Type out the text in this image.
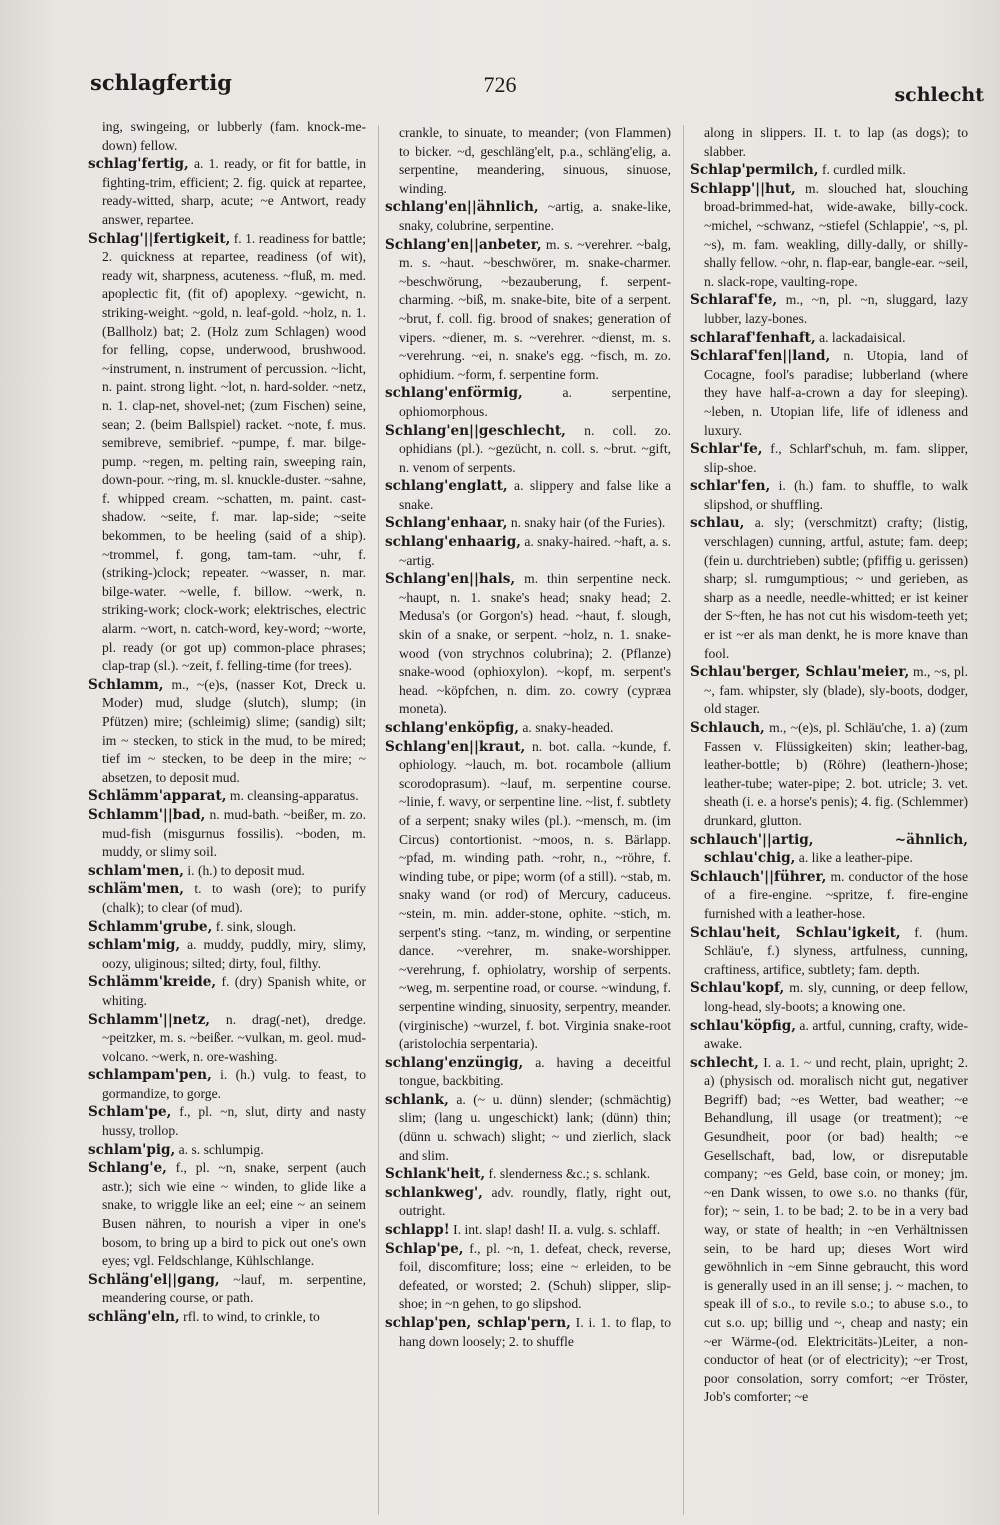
schlagfertig	726	schlecht

ing, swingeing, or lubberly (fam. knock-me-down) fellow.

schlag'fertig, a. 1. ready, or fit for battle, in fighting-trim, efficient; 2. fig. quick at repartee, ready-witted, sharp, acute; ~e Antwort, ready answer, repartee.

Schlag'||fertigkeit, f. 1. readiness for battle; 2. quickness at repartee, readiness (of wit), ready wit, sharpness, acuteness. ~fluß, m. med. apoplectic fit, (fit of) apoplexy. ~gewicht, n. striking-weight. ~gold, n. leaf-gold. ~holz, n. 1. (Ballholz) bat; 2. (Holz zum Schlagen) wood for felling, copse, underwood, brushwood. ~instrument, n. instrument of percussion. ~licht, n. paint. strong light. ~lot, n. hard-solder. ~netz, n. 1. clap-net, shovel-net; (zum Fischen) seine, sean; 2. (beim Ballspiel) racket. ~note, f. mus. semibreve, semibrief. ~pumpe, f. mar. bilge-pump. ~regen, m. pelting rain, sweeping rain, down-pour. ~ring, m. sl. knuckle-duster. ~sahne, f. whipped cream. ~schatten, m. paint. cast-shadow. ~seite, f. mar. lap-side; ~seite bekommen, to be heeling (said of a ship). ~trommel, f. gong, tam-tam. ~uhr, f. (striking-)clock; repeater. ~wasser, n. mar. bilge-water. ~welle, f. billow. ~werk, n. striking-work; clock-work; elektrisches, electric alarm. ~wort, n. catch-word, key-word; ~worte, pl. ready (or got up) common-place phrases; clap-trap (sl.). ~zeit, f. felling-time (for trees).

Schlamm, m., ~(e)s, (nasser Kot, Dreck u. Moder) mud, sludge (slutch), slump; (in Pfützen) mire; (schleimig) slime; (sandig) silt; im ~ stecken, to stick in the mud, to be mired; tief im ~ stecken, to be deep in the mire; ~ absetzen, to deposit mud.

Schlämm'apparat, m. cleansing-apparatus.

Schlamm'||bad, n. mud-bath. ~beißer, m. zo. mud-fish (misgurnus fossilis). ~boden, m. muddy, or slimy soil.

schlam'men, i. (h.) to deposit mud.

schläm'men, t. to wash (ore); to purify (chalk); to clear (of mud).

Schlamm'grube, f. sink, slough.

schlam'mig, a. muddy, puddly, miry, slimy, oozy, uliginous; silted; dirty, foul, filthy.

Schlämm'kreide, f. (dry) Spanish white, or whiting.

Schlamm'||netz, n. drag(-net), dredge. ~peitzker, m. s. ~beißer. ~vulkan, m. geol. mud-volcano. ~werk, n. ore-washing.

schlampam'pen, i. (h.) vulg. to feast, to gormandize, to gorge.

Schlam'pe, f., pl. ~n, slut, dirty and nasty hussy, trollop.

schlam'pig, a. s. schlumpig.

Schlang'e, f., pl. ~n, snake, serpent (auch astr.); sich wie eine ~ winden, to glide like a snake, to wriggle like an eel; eine ~ an seinem Busen nähren, to nourish a viper in one's bosom, to bring up a bird to pick out one's own eyes; vgl. Feldschlange, Kühlschlange.

Schläng'el||gang, ~lauf, m. serpentine, meandering course, or path.

schläng'eln, rfl. to wind, to crinkle, to

crankle, to sinuate, to meander; (von Flammen) to bicker. ~d, geschläng'elt, p.a., schläng'elig, a. serpentine, meandering, sinuous, sinuose, winding.

schlang'en||ähnlich, ~artig, a. snake-like, snaky, colubrine, serpentine.

Schlang'en||anbeter, m. s. ~verehrer. ~balg, m. s. ~haut. ~beschwörer, m. snake-charmer. ~beschwörung, ~bezauberung, f. serpent-charming. ~biß, m. snake-bite, bite of a serpent. ~brut, f. coll. fig. brood of snakes; generation of vipers. ~diener, m. s. ~verehrer. ~dienst, m. s. ~verehrung. ~ei, n. snake's egg. ~fisch, m. zo. ophidium. ~form, f. serpentine form.

schlang'enförmig, a. serpentine, ophiomorphous.

Schlang'en||geschlecht, n. coll. zo. ophidians (pl.). ~gezücht, n. coll. s. ~brut. ~gift, n. venom of serpents.

schlang'englatt, a. slippery and false like a snake.

Schlang'enhaar, n. snaky hair (of the Furies).

schlang'enhaarig, a. snaky-haired. ~haft, a. s. ~artig.

Schlang'en||hals, m. thin serpentine neck. ~haupt, n. 1. snake's head; snaky head; 2. Medusa's (or Gorgon's) head. ~haut, f. slough, skin of a snake, or serpent. ~holz, n. 1. snake-wood (von strychnos colubrina); 2. (Pflanze) snake-wood (ophioxylon). ~kopf, m. serpent's head. ~köpfchen, n. dim. zo. cowry (cypræa moneta).

schlang'enköpfig, a. snaky-headed.

Schlang'en||kraut, n. bot. calla. ~kunde, f. ophiology. ~lauch, m. bot. rocambole (allium scorodoprasum). ~lauf, m. serpentine course. ~linie, f. wavy, or serpentine line. ~list, f. subtlety of a serpent; snaky wiles (pl.). ~mensch, m. (im Circus) contortionist. ~moos, n. s. Bärlapp. ~pfad, m. winding path. ~rohr, n., ~röhre, f. winding tube, or pipe; worm (of a still). ~stab, m. snaky wand (or rod) of Mercury, caduceus. ~stein, m. min. adder-stone, ophite. ~stich, m. serpent's sting. ~tanz, m. winding, or serpentine dance. ~verehrer, m. snake-worshipper. ~verehrung, f. ophiolatry, worship of serpents. ~weg, m. serpentine road, or course. ~windung, f. serpentine winding, sinuosity, serpentry, meander. (virginische) ~wurzel, f. bot. Virginia snake-root (aristolochia serpentaria).

schlang'enzüngig, a. having a deceitful tongue, backbiting.

schlank, a. (~ u. dünn) slender; (schmächtig) slim; (lang u. ungeschickt) lank; (dünn) thin; (dünn u. schwach) slight; ~ und zierlich, slack and slim.

Schlank'heit, f. slenderness &c.; s. schlank.

schlankweg', adv. roundly, flatly, right out, outright.

schlapp! I. int. slap! dash! II. a. vulg. s. schlaff.

Schlap'pe, f., pl. ~n, 1. defeat, check, reverse, foil, discomfiture; loss; eine ~ erleiden, to be defeated, or worsted; 2. (Schuh) slipper, slip-shoe; in ~n gehen, to go slipshod.

schlap'pen, schlap'pern, I. i. 1. to flap, to hang down loosely; 2. to shuffle

along in slippers. II. t. to lap (as dogs); to slabber.

Schlap'permilch, f. curdled milk.

Schlapp'||hut, m. slouched hat, slouching broad-brimmed-hat, wide-awake, billy-cock. ~michel, ~schwanz, ~stiefel (Schlappie', ~s, pl. ~s), m. fam. weakling, dilly-dally, or shilly-shally fellow. ~ohr, n. flap-ear, bangle-ear. ~seil, n. slack-rope, vaulting-rope.

Schlaraf'fe, m., ~n, pl. ~n, sluggard, lazy lubber, lazy-bones.

schlaraf'fenhaft, a. lackadaisical.

Schlaraf'fen||land, n. Utopia, land of Cocagne, fool's paradise; lubberland (where they have half-a-crown a day for sleeping). ~leben, n. Utopian life, life of idleness and luxury.

Schlar'fe, f., Schlarf'schuh, m. fam. slipper, slip-shoe.

schlar'fen, i. (h.) fam. to shuffle, to walk slipshod, or shuffling.

schlau, a. sly; (verschmitzt) crafty; (listig, verschlagen) cunning, artful, astute; fam. deep; (fein u. durchtrieben) subtle; (pfiffig u. gerissen) sharp; sl. rumgumptious; ~ und gerieben, as sharp as a needle, needle-whitted; er ist keiner der S~ften, he has not cut his wisdom-teeth yet; er ist ~er als man denkt, he is more knave than fool.

Schlau'berger, Schlau'meier, m., ~s, pl. ~, fam. whipster, sly (blade), sly-boots, dodger, old stager.

Schlauch, m., ~(e)s, pl. Schläu'che, 1. a) (zum Fassen v. Flüssigkeiten) skin; leather-bag, leather-bottle; b) (Röhre) (leathern-)hose; leather-tube; water-pipe; 2. bot. utricle; 3. vet. sheath (i. e. a horse's penis); 4. fig. (Schlemmer) drunkard, glutton.

schlauch'||artig, ~ähnlich, schlau'chig, a. like a leather-pipe.

Schlauch'||führer, m. conductor of the hose of a fire-engine. ~spritze, f. fire-engine furnished with a leather-hose.

Schlau'heit, Schlau'igkeit, f. (hum. Schläu'e, f.) slyness, artfulness, cunning, craftiness, artifice, subtlety; fam. depth.

Schlau'kopf, m. sly, cunning, or deep fellow, long-head, sly-boots; a knowing one.

schlau'köpfig, a. artful, cunning, crafty, wide-awake.

schlecht, I. a. 1. ~ und recht, plain, upright; 2. a) (physisch od. moralisch nicht gut, negativer Begriff) bad; ~es Wetter, bad weather; ~e Behandlung, ill usage (or treatment); ~e Gesundheit, poor (or bad) health; ~e Gesellschaft, bad, low, or disreputable company; ~es Geld, base coin, or money; jm. ~en Dank wissen, to owe s.o. no thanks (für, for); ~ sein, 1. to be bad; 2. to be in a very bad way, or state of health; in ~en Verhältnissen sein, to be hard up; dieses Wort wird gewöhnlich in ~em Sinne gebraucht, this word is generally used in an ill sense; j. ~ machen, to speak ill of s.o., to revile s.o.; to abuse s.o., to cut s.o. up; billig und ~, cheap and nasty; ein ~er Wärme-(od. Elektricitäts-)Leiter, a non-conductor of heat (or of electricity); ~er Trost, poor consolation, sorry comfort; ~er Tröster, Job's comforter; ~e
